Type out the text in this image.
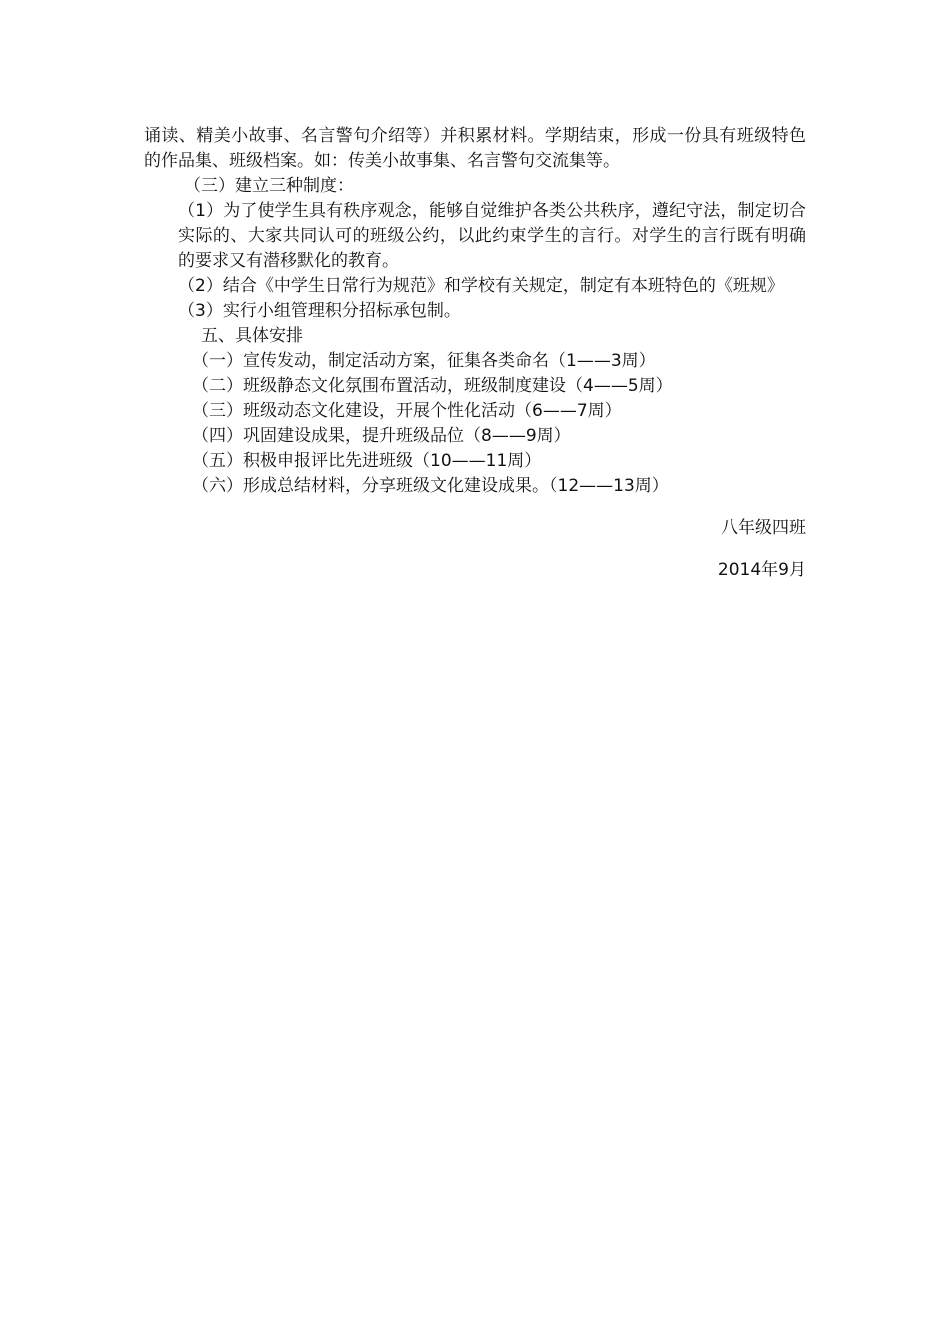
诵读、精美小故事、名言警句介绍等）并积累材料。学期结束，形成一份具有班级特色的作品集、班级档案。如：传美小故事集、名言警句交流集等。

（三）建立三种制度：

（1）为了使学生具有秩序观念，能够自觉维护各类公共秩序，遵纪守法，制定切合实际的、大家共同认可的班级公约，以此约束学生的言行。对学生的言行既有明确的要求又有潜移默化的教育。

（2）结合《中学生日常行为规范》和学校有关规定，制定有本班特色的《班规》

（3）实行小组管理积分招标承包制。

五、具体安排

（一）宣传发动，制定活动方案，征集各类命名（1——3周）

（二）班级静态文化氛围布置活动，班级制度建设（4——5周）

（三）班级动态文化建设，开展个性化活动（6——7周）

（四）巩固建设成果，提升班级品位（8——9周）

（五）积极申报评比先进班级（10——11周）

（六）形成总结材料，分享班级文化建设成果。（12——13周）

八年级四班

2014年9月
